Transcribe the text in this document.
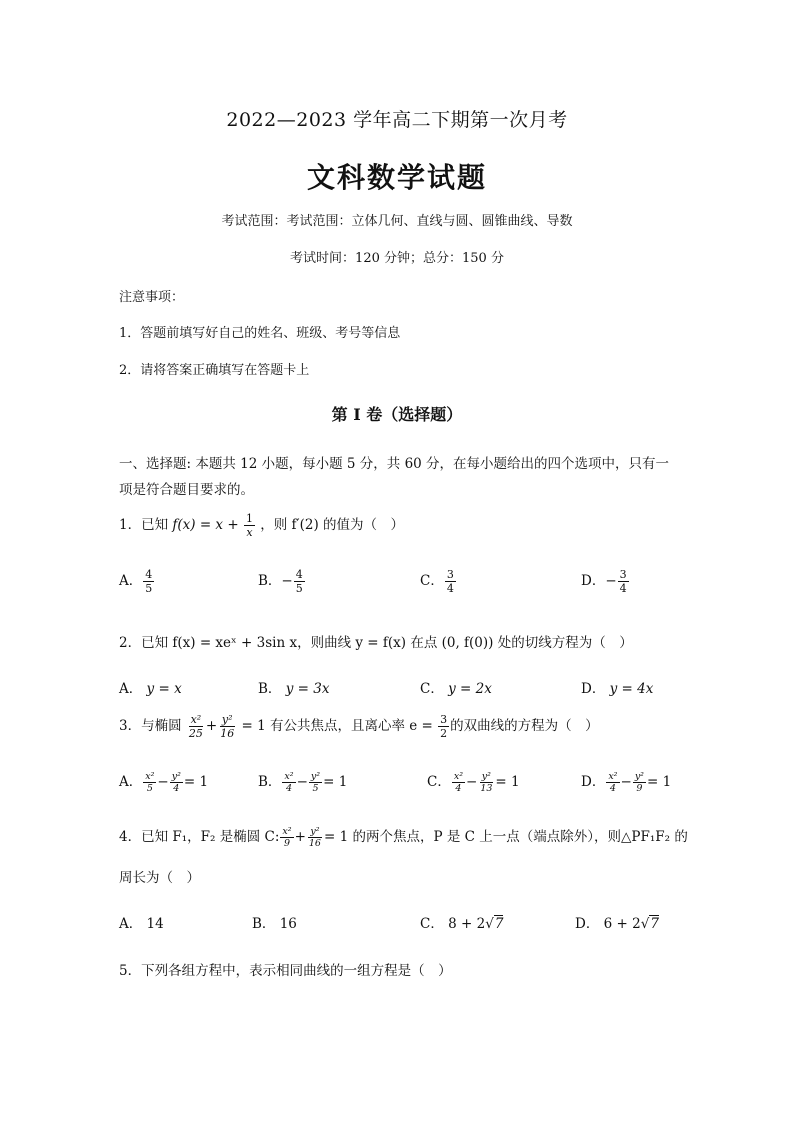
2022—2023 学年高二下期第一次月考
文科数学试题
考试范围：考试范围：立体几何、直线与圆、圆锥曲线、导数
考试时间：120 分钟；总分：150 分
注意事项：
1．答题前填写好自己的姓名、班级、考号等信息
2．请将答案正确填写在答题卡上
第 I 卷（选择题）
一、选择题: 本题共 12 小题，每小题 5 分，共 60 分，在每小题给出的四个选项中，只有一
项是符合题目要求的。
1．已知 $f(x) = x + \frac{1}{x}$ ，则 f′(2) 的值为（　）
A． $\frac{4}{5}$	B．− $\frac{4}{5}$	C． $\frac{3}{4}$	D．− $\frac{3}{4}$
2．已知 f(x) = xeˣ + 3sin x，则曲线 y = f(x) 在点 (0, f(0)) 处的切线方程为（　）
A． y = x	B． y = 3x	C． y = 2x	D． y = 4x
3．与椭圆 $\frac{\text{x²}}{25} + \frac{\text{y²}}{16} = 1$ 有公共焦点，且离心率 $e = \frac{3}{2}$ 的双曲线的方程为（　）
A． $\frac{\text{x²}}{5} - \frac{\text{y²}}{4} = 1$	B． $\frac{\text{x²}}{4} - \frac{\text{y²}}{5} = 1$	C． $\frac{\text{x²}}{4} - \frac{\text{y²}}{13} = 1$	D． $\frac{\text{x²}}{4} - \frac{\text{y²}}{9} = 1$
4．已知 F₁，F₂ 是椭圆 C: $\frac{\text{x²}}{9} + \frac{\text{y²}}{16} = 1$ 的两个焦点，P 是 C 上一点（端点除外），则△PF₁F₂ 的
周长为（　）
A． 14	B． 16	C． 8 + 2√7	D． 6 + 2√7
5．下列各组方程中，表示相同曲线的一组方程是（　）
